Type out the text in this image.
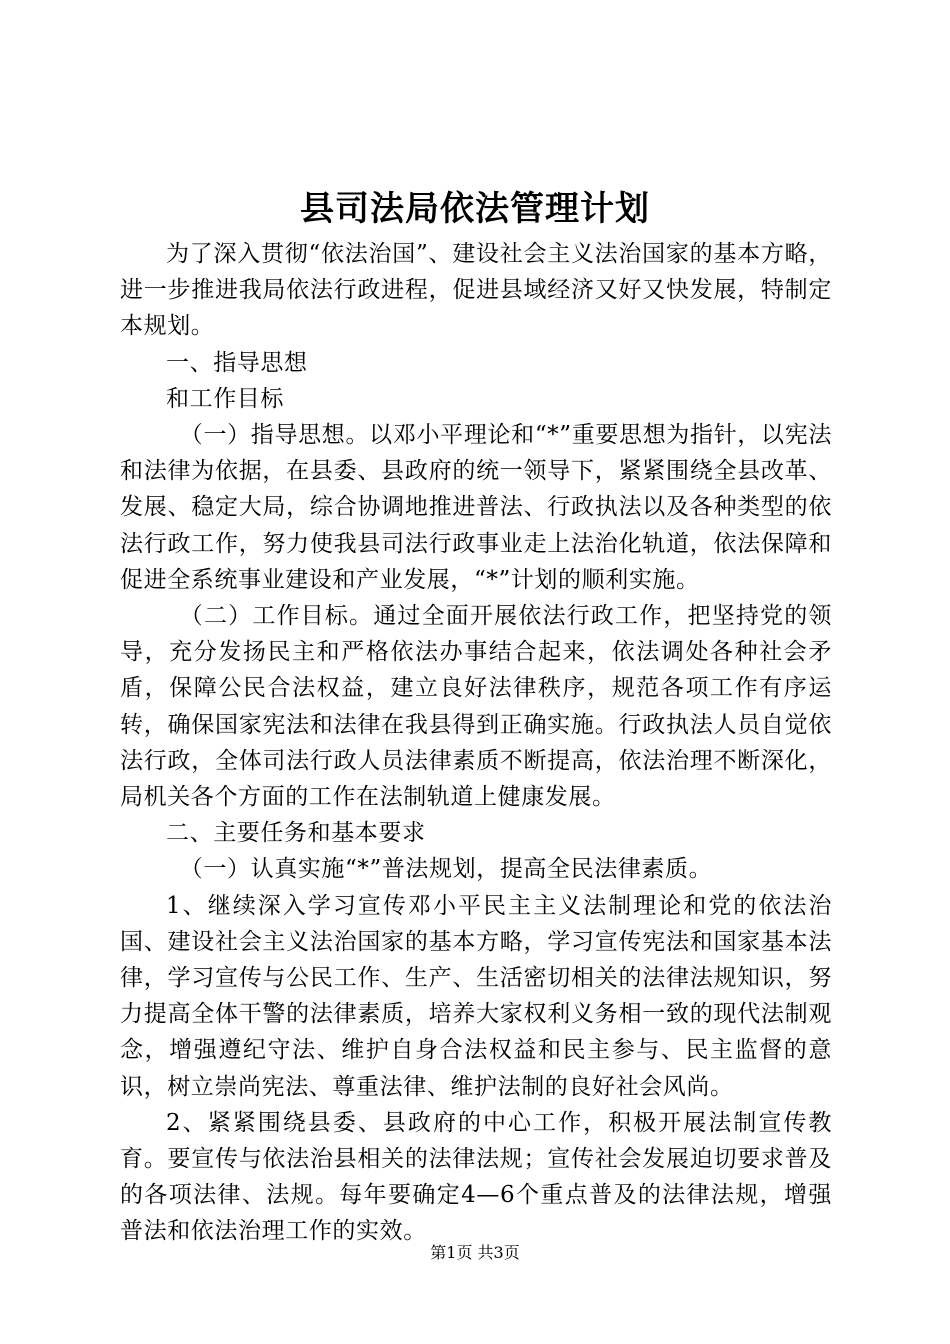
县司法局依法管理计划

为了深入贯彻“依法治国”、建设社会主义法治国家的基本方略，进一步推进我局依法行政进程，促进县域经济又好又快发展，特制定本规划。

一、指导思想

和工作目标

（一）指导思想。以邓小平理论和“*”重要思想为指针，以宪法和法律为依据，在县委、县政府的统一领导下，紧紧围绕全县改革、发展、稳定大局，综合协调地推进普法、行政执法以及各种类型的依法行政工作，努力使我县司法行政事业走上法治化轨道，依法保障和促进全系统事业建设和产业发展，“*”计划的顺利实施。

（二）工作目标。通过全面开展依法行政工作，把坚持党的领导，充分发扬民主和严格依法办事结合起来，依法调处各种社会矛盾，保障公民合法权益，建立良好法律秩序，规范各项工作有序运转，确保国家宪法和法律在我县得到正确实施。行政执法人员自觉依法行政，全体司法行政人员法律素质不断提高，依法治理不断深化，局机关各个方面的工作在法制轨道上健康发展。

二、主要任务和基本要求

（一）认真实施“*”普法规划，提高全民法律素质。

1、继续深入学习宣传邓小平民主主义法制理论和党的依法治国、建设社会主义法治国家的基本方略，学习宣传宪法和国家基本法律，学习宣传与公民工作、生产、生活密切相关的法律法规知识，努力提高全体干警的法律素质，培养大家权利义务相一致的现代法制观念，增强遵纪守法、维护自身合法权益和民主参与、民主监督的意识，树立崇尚宪法、尊重法律、维护法制的良好社会风尚。

2、紧紧围绕县委、县政府的中心工作，积极开展法制宣传教育。要宣传与依法治县相关的法律法规；宣传社会发展迫切要求普及的各项法律、法规。每年要确定4—6个重点普及的法律法规，增强普法和依法治理工作的实效。

第1页 共3页
